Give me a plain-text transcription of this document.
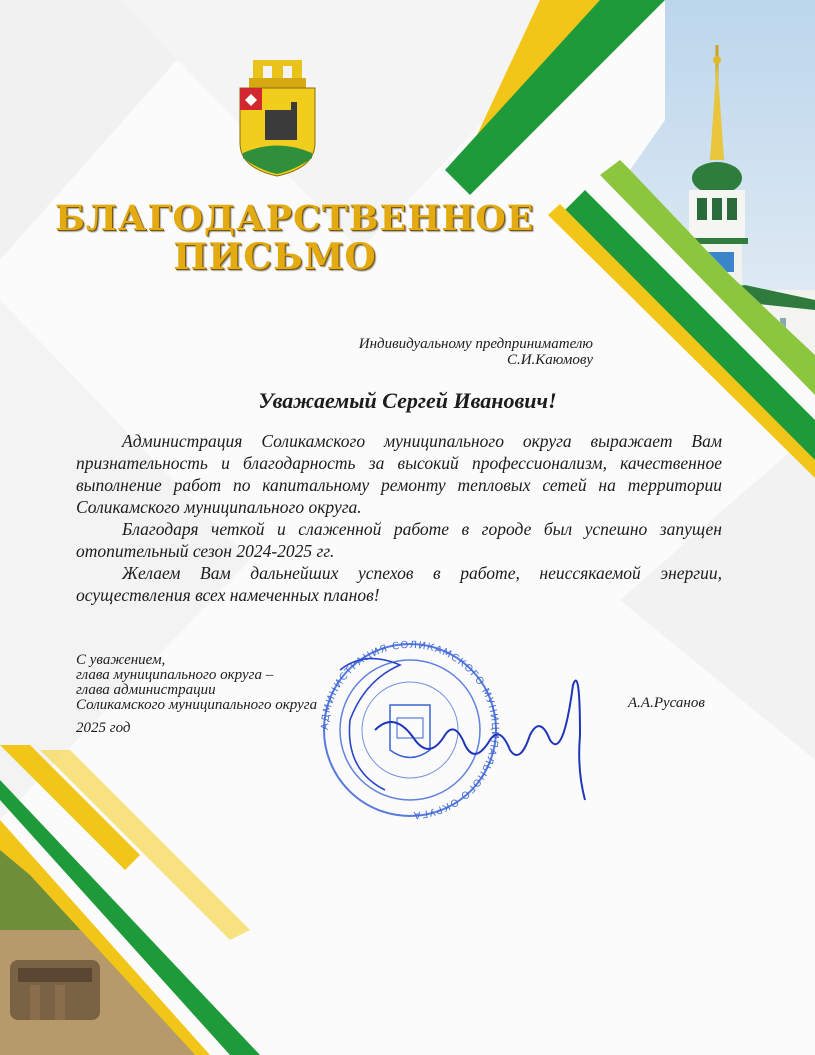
БЛАГОДАРСТВЕННОЕ
ПИСЬМО
Индивидуальному предпринимателю
С.И.Каюмову
Уважаемый Сергей Иванович!

Администрация Соликамского муниципального округа выражает Вам признательность и благодарность за высокий профессионализм, качественное выполнение работ по капитальному ремонту тепловых сетей на территории Соликамского муниципального округа.

Благодаря четкой и слаженной работе в городе был успешно запущен отопительный сезон 2024-2025 гг.

Желаем Вам дальнейших успехов в работе, неиссякаемой энергии, осуществления всех намеченных планов!

С уважением,
глава муниципального округа –
глава администрации
Соликамского муниципального округа
2025 год
А.А.Русанов
АДМИНИСТРАЦИЯ СОЛИКАМСКОГО МУНИЦИПАЛЬНОГО ОКРУГА
